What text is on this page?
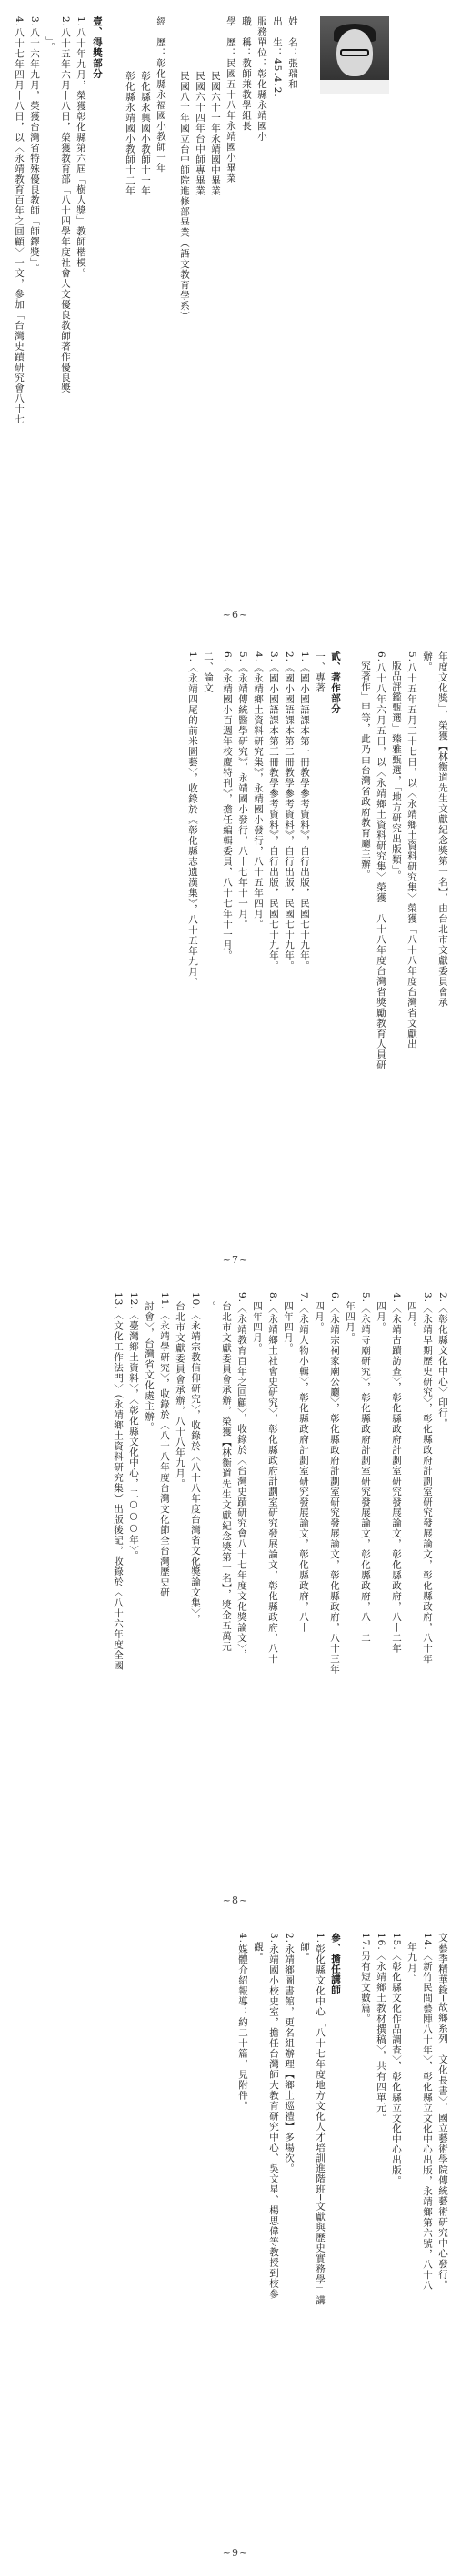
姓　名：張瑞和
出　生：45.4.2.
服務單位：彰化縣永靖國小
職　稱：教師兼教學組長
學　歷：民國五十八年永靖國小畢業
民國六十一年永靖國中畢業
民國六十四年台中師專畢業
民國八十年國立台中師院進修部畢業（語文教育學系）
經　歷：彰化縣永福國小教師一年
彰化縣永興國小教師十一年
彰化縣永靖國小教師十二年
壹、得獎部分
1.八十年九月，榮獲彰化縣第六屆「樹人獎」教師楷模。
2.八十五年六月十八日，榮獲教育部「八十四學年度社會人文優良教師著作優良獎
」。
3.八十六年九月，榮獲台灣省特殊優良教師「師鐸獎」。
4.八十七年四月十八日，以〈永靖教育百年之回顧〉一文，參加「台灣史蹟研究會八十七
~6~
年度文化獎」，榮獲【林衡道先生文獻紀念獎第一名】，由台北市文獻委員會承
辦。
5.八十五年五月二十七日，以〈永靖鄉土資料研究集〉榮獲「八十八年度台灣省文獻出
版品評鑑甄選」臻雅甄選，「地方研究出版類」。
6.八十八年六月五日，以〈永靖鄉土資料研究集〉榮獲「八十八年度台灣省獎勵教育人員研
究著作」甲等，此乃由台灣省政府教育廳主辦。
貳、著作部分
一、專著
1.《國小國語課本第一冊教學參考資料》，自行出版，民國七十九年。
2.《國小國語課本第二冊教學參考資料》，自行出版，民國七十九年。
3.《國小國語課本第三冊教學參考資料》，自行出版，民國七十九年。
4.《永靖鄉土資料研究集》，永靖國小發行，八十五年四月。
5.《永靖傳統醫學研究》，永靖國小發行，八十七年十一月。
6.《永靖國小百週年校慶特刊》，擔任編輯委員，八十七年十一月。
二、論文
1.〈永靖四尾的前米圖藝〉，收錄於《彰化縣志遗漢集》，八十五年九月。
~7~
2.〈彰化縣文化中心〉印行。
3.〈永靖早期歷史研究〉，彰化縣政府計劃室研究發展論文，彰化縣政府，八十年
四月。
4.〈永靖古蹟訪查〉，彰化縣政府計劃室研究發展論文，彰化縣政府，八十二年
四月。
5.〈永靖寺廟研究〉，彰化縣政府計劃室研究發展論文，彰化縣政府，八十二
年四月。
6.〈永靖宗祠家廟公廳〉，彰化縣政府計劃室研究發展論文，彰化縣政府，八十三年
四月。
7.〈永靖人物小輯〉，彰化縣政府計劃室研究發展論文，彰化縣政府，八十
四年四月。
8.〈永靖鄉土社會史研究〉，彰化縣政府計劃室研究發展論文，彰化縣政府，八十
四年四月。
9.〈永靖教育百年之回顧〉，收錄於〈台灣史蹟研究會八十七年度文化獎論文〉，
台北市文獻委員會承辦，榮獲【林衡道先生文獻紀念獎第一名】，獎金五萬元
。
10.〈永靖宗教信仰研究〉，收錄於〈八十八年度台灣省文化獎論文集〉，
台北市文獻委員會承辦，八十八年九月。
11.〈永靖學研究〉，收錄於〈八十八年度台灣文化節全台灣歷史研
討會〉，台灣省文化處主辦。
12.〈臺灣鄉土資料〉，〈彰化縣文化中心，二○○○年〉。
13.〈文化工作法門〉（永靖鄉土資料研究集）出版後記，收錄於〈八十六年度全國
~8~
文藝季精華錄─故鄉系列　文化長書〉，國立藝術學院傳統藝術研究中心發行。
14.〈新竹民間藝陣八十年〉，彰化縣立文化中心出版，永靖鄉第六號，八十八
年九月。
15.〈彰化縣文化作品調查〉，彰化縣立文化中心出版。
16.〈永靖鄉土教材撰稿〉，共有四單元。
17.另有短文數篇。
參、擔任講師
1.彰化縣文化中心「八十七年度地方文化人才培訓進階班─文獻與歷史實務學」講
師。
2.永靖鄉圖書館，更名組辦理【鄉土巡禮】多場次。
3.永靖國小校史室，擔任台灣師大教育研究中心、吳文星、楊思偉等教授到校參
觀。
4.媒體介紹報導：約二十篇，見附件。
~9~
